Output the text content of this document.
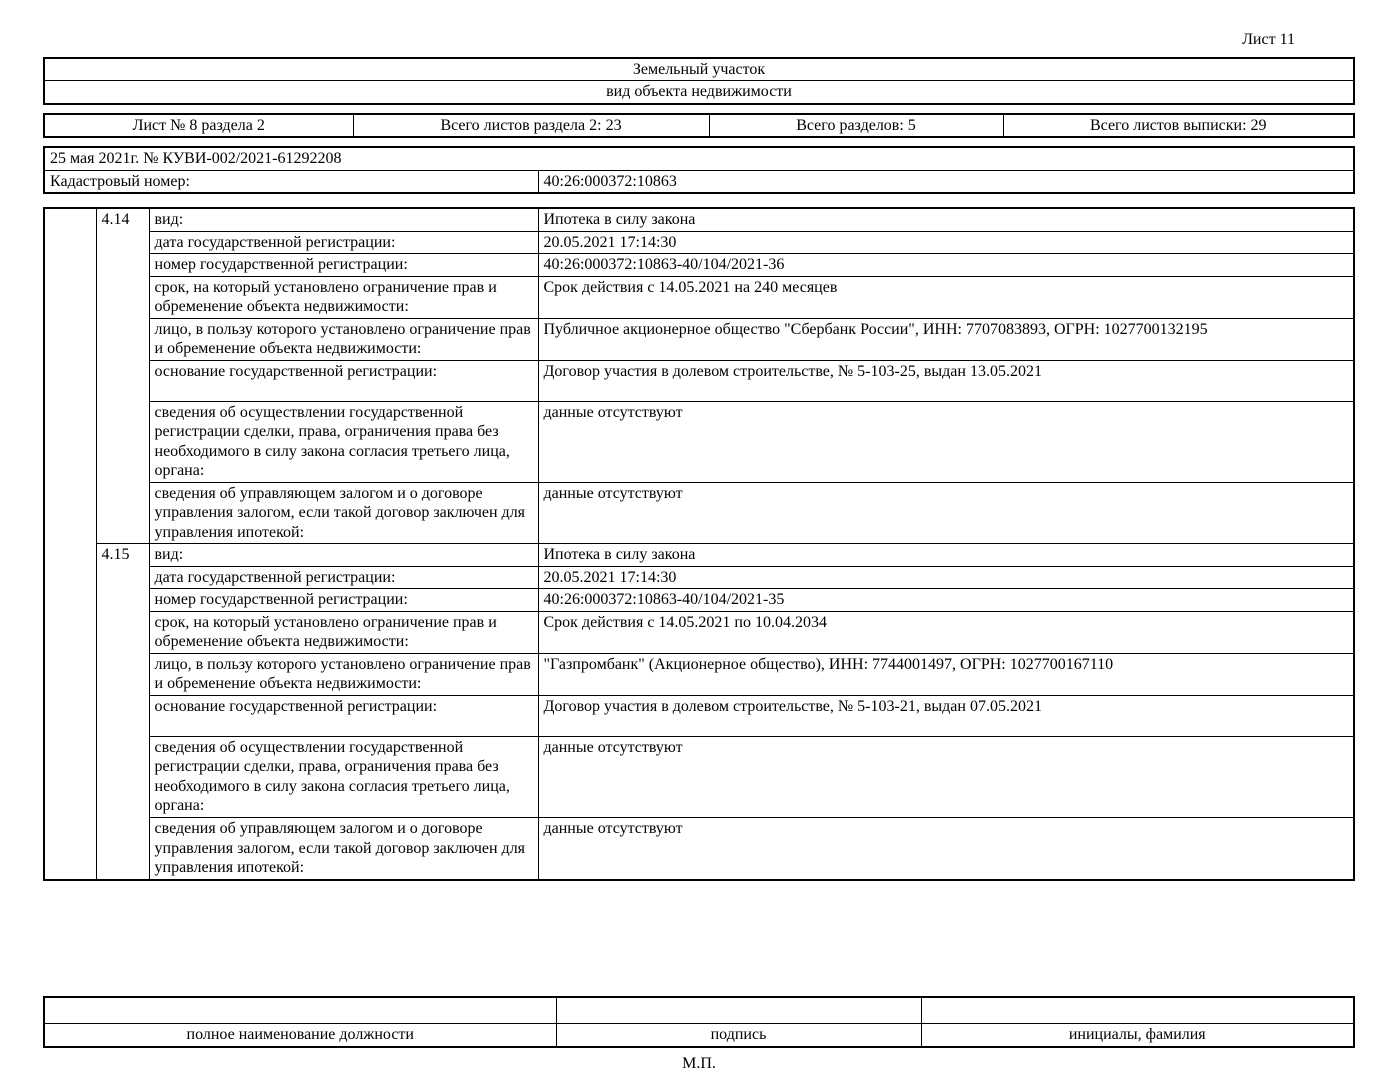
Лист 11
Земельный участок
вид объекта недвижимости
Лист № 8 раздела 2	Всего листов раздела 2: 23	Всего разделов: 5	Всего листов выписки: 29
25 мая 2021г. № КУВИ-002/2021-61292208
Кадастровый номер:	40:26:000372:10863
	4.14	вид:	Ипотека в силу закона
		дата государственной регистрации:	20.05.2021 17:14:30
		номер государственной регистрации:	40:26:000372:10863-40/104/2021-36
		срок, на который установлено ограничение прав и обременение объекта недвижимости:	Срок действия с 14.05.2021 на 240 месяцев
		лицо, в пользу которого установлено ограничение прав и обременение объекта недвижимости:	Публичное акционерное общество "Сбербанк России", ИНН: 7707083893, ОГРН: 1027700132195
		основание государственной регистрации:	Договор участия в долевом строительстве, № 5-103-25, выдан 13.05.2021
		сведения об осуществлении государственной регистрации сделки, права, ограничения права без необходимого в силу закона согласия третьего лица, органа:	данные отсутствуют
		сведения об управляющем залогом и о договоре управления залогом, если такой договор заключен для управления ипотекой:	данные отсутствуют
	4.15	вид:	Ипотека в силу закона
		дата государственной регистрации:	20.05.2021 17:14:30
		номер государственной регистрации:	40:26:000372:10863-40/104/2021-35
		срок, на который установлено ограничение прав и обременение объекта недвижимости:	Срок действия с 14.05.2021 по 10.04.2034
		лицо, в пользу которого установлено ограничение прав и обременение объекта недвижимости:	"Газпромбанк" (Акционерное общество), ИНН: 7744001497, ОГРН: 1027700167110
		основание государственной регистрации:	Договор участия в долевом строительстве, № 5-103-21, выдан 07.05.2021
		сведения об осуществлении государственной регистрации сделки, права, ограничения права без необходимого в силу закона согласия третьего лица, органа:	данные отсутствуют
		сведения об управляющем залогом и о договоре управления залогом, если такой договор заключен для управления ипотекой:	данные отсутствуют

полное наименование должности	подпись	инициалы, фамилия
М.П.
